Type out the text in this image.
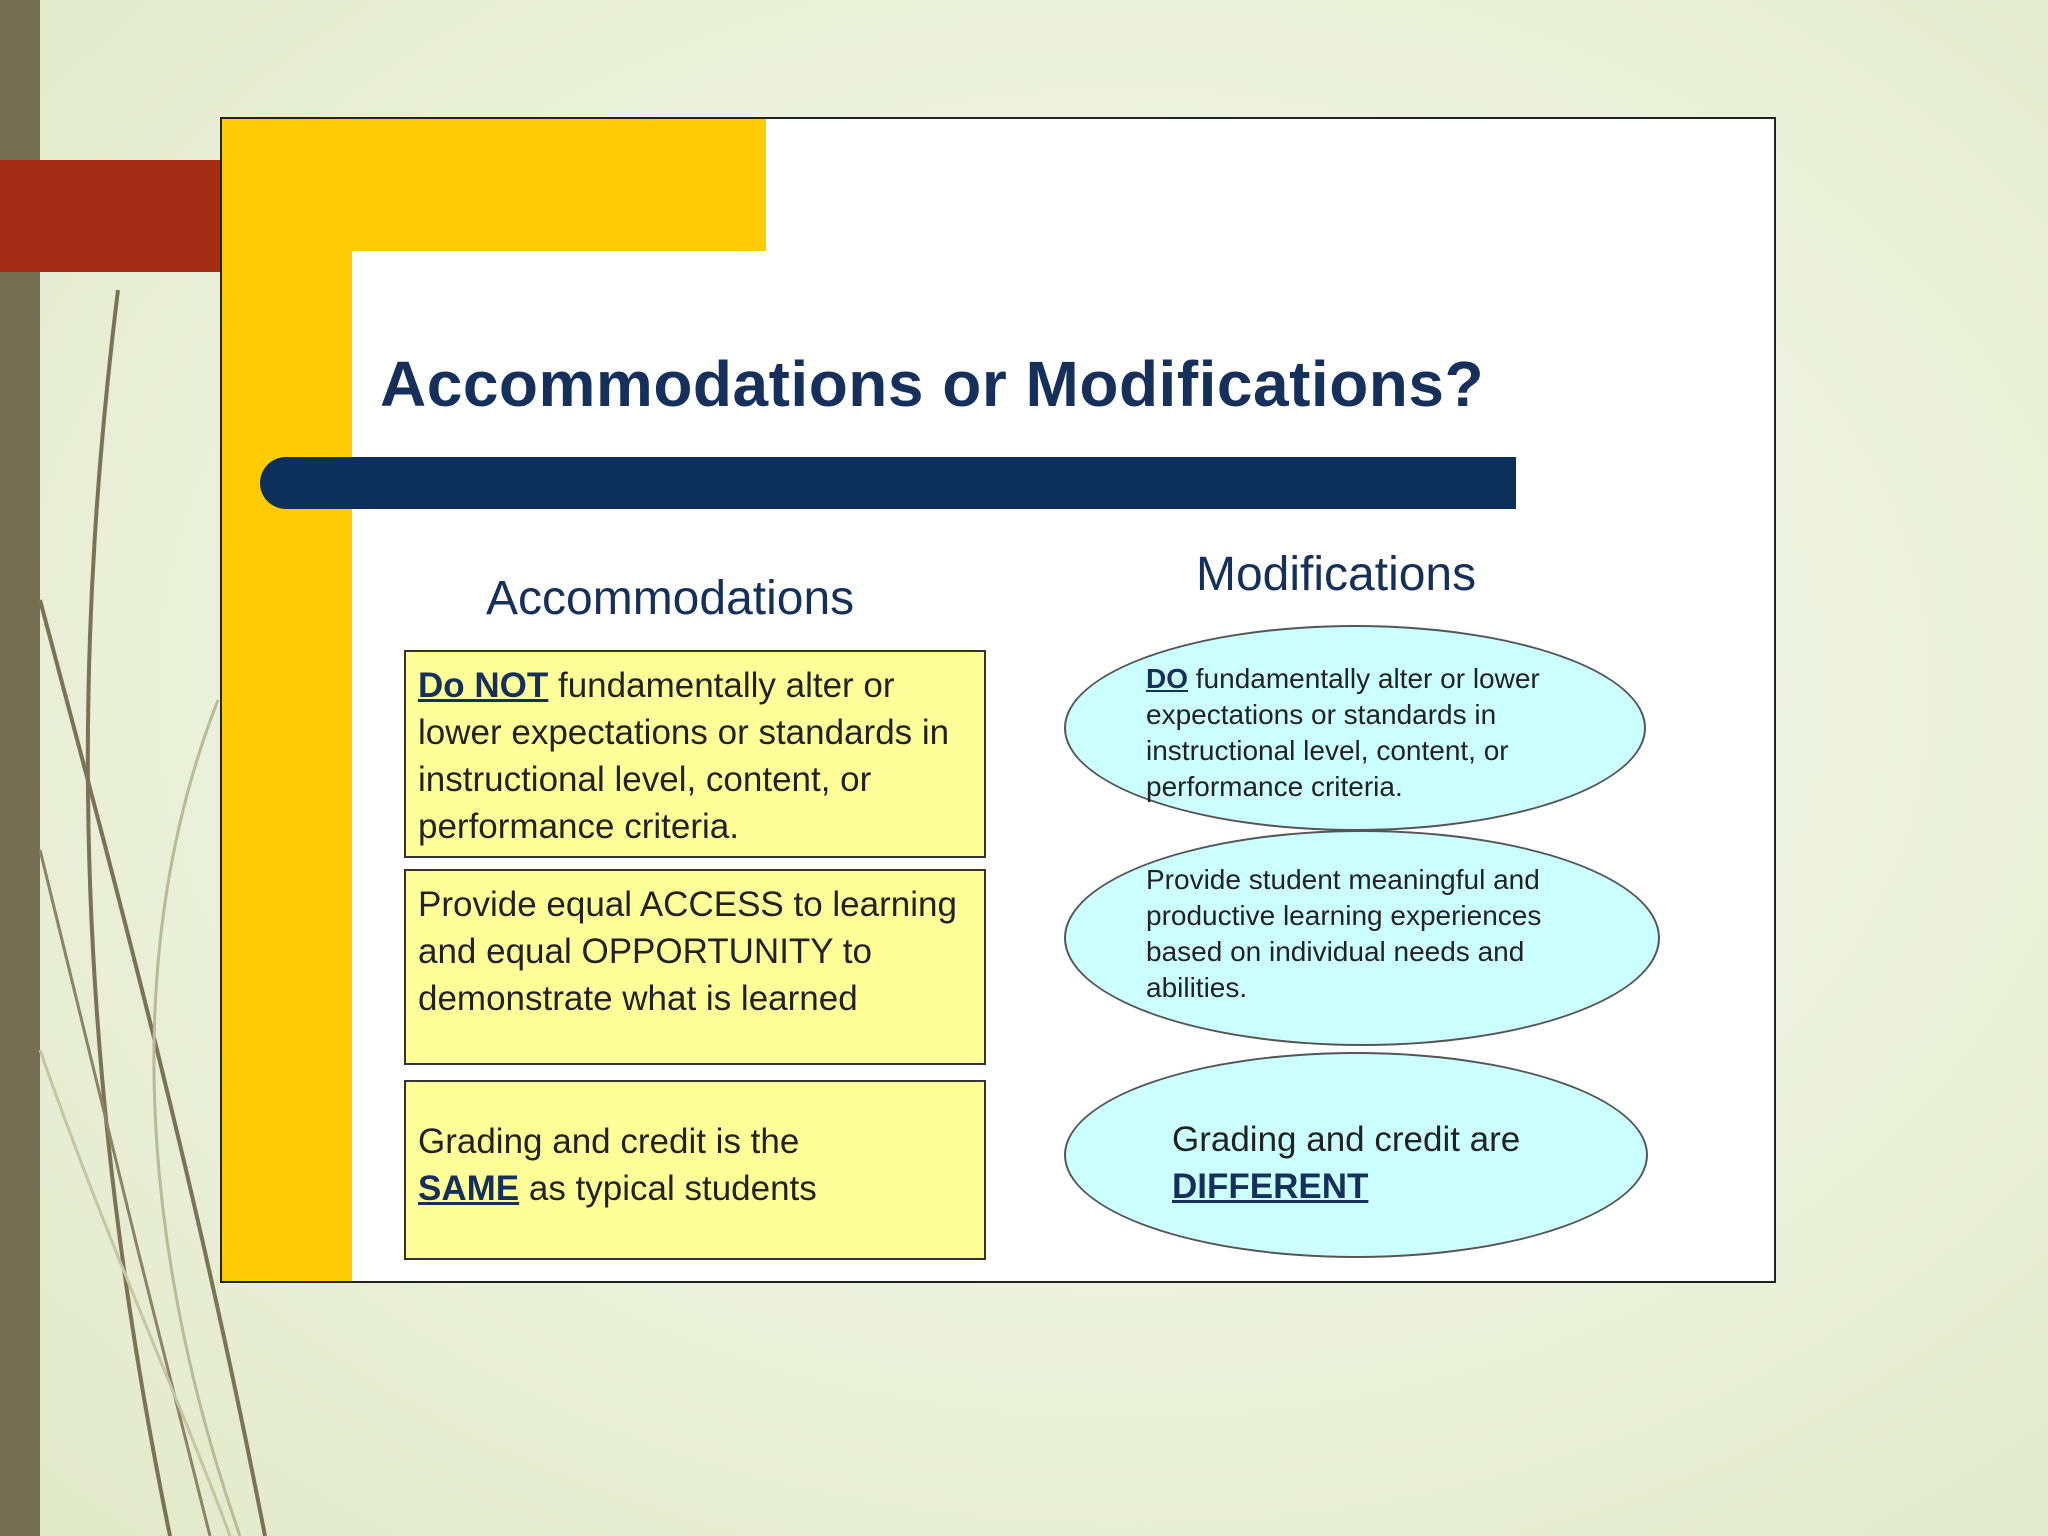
Accommodations or Modifications?
Accommodations	Modifications
Do NOT fundamentally alter or lower expectations or standards in instructional level, content, or performance criteria.
Provide equal ACCESS to learning and equal OPPORTUNITY to demonstrate what is learned
Grading and credit is the
SAME as typical students
DO fundamentally alter or lower
expectations or standards in
instructional level, content, or
performance criteria.
Provide student meaningful and
productive learning experiences
based on individual needs and
abilities.
Grading and credit are
DIFFERENT
